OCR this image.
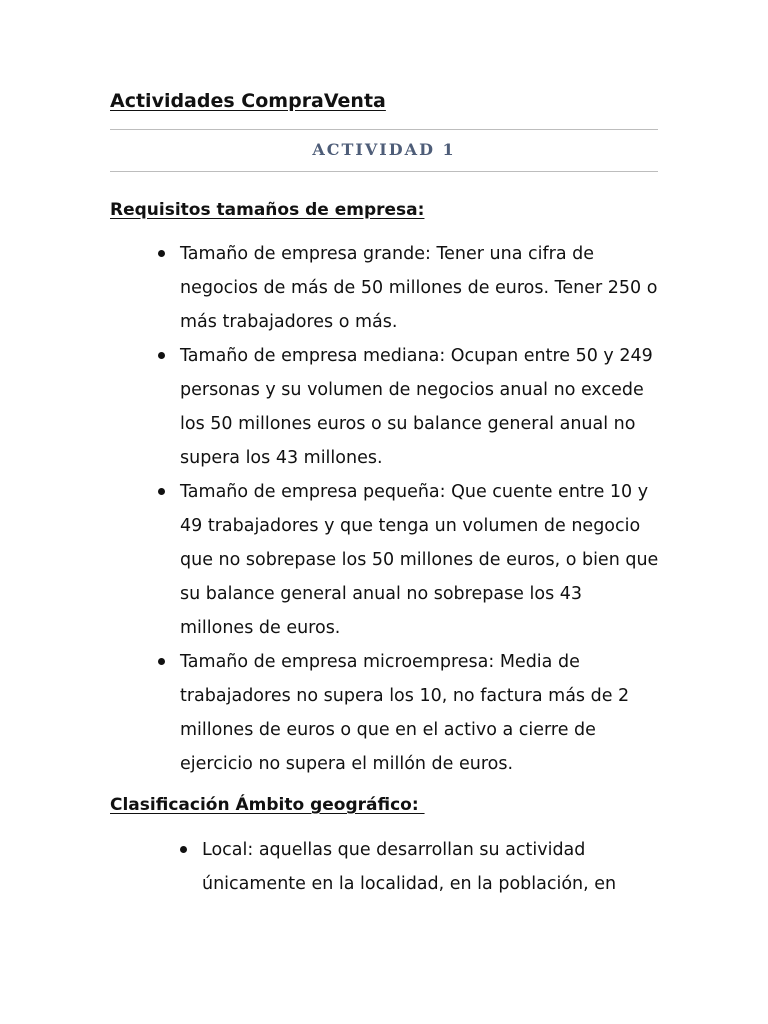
Actividades CompraVenta
ACTIVIDAD 1
Requisitos tamaños de empresa:
Tamaño de empresa grande: Tener una cifra de negocios de más de 50 millones de euros. Tener 250 o más trabajadores o más.
Tamaño de empresa mediana: Ocupan entre 50 y 249 personas y su volumen de negocios anual no excede los 50 millones euros o su balance general anual no supera los 43 millones.
Tamaño de empresa pequeña: Que cuente entre 10 y 49 trabajadores y que tenga un volumen de negocio que no sobrepase los 50 millones de euros, o bien que su balance general anual no sobrepase los 43 millones de euros.
Tamaño de empresa microempresa: Media de trabajadores no supera los 10, no factura más de 2 millones de euros o que en el activo a cierre de ejercicio no supera el millón de euros.
Clasificación Ámbito geográfico:
Local: aquellas que desarrollan su actividad únicamente en la localidad, en la población, en
